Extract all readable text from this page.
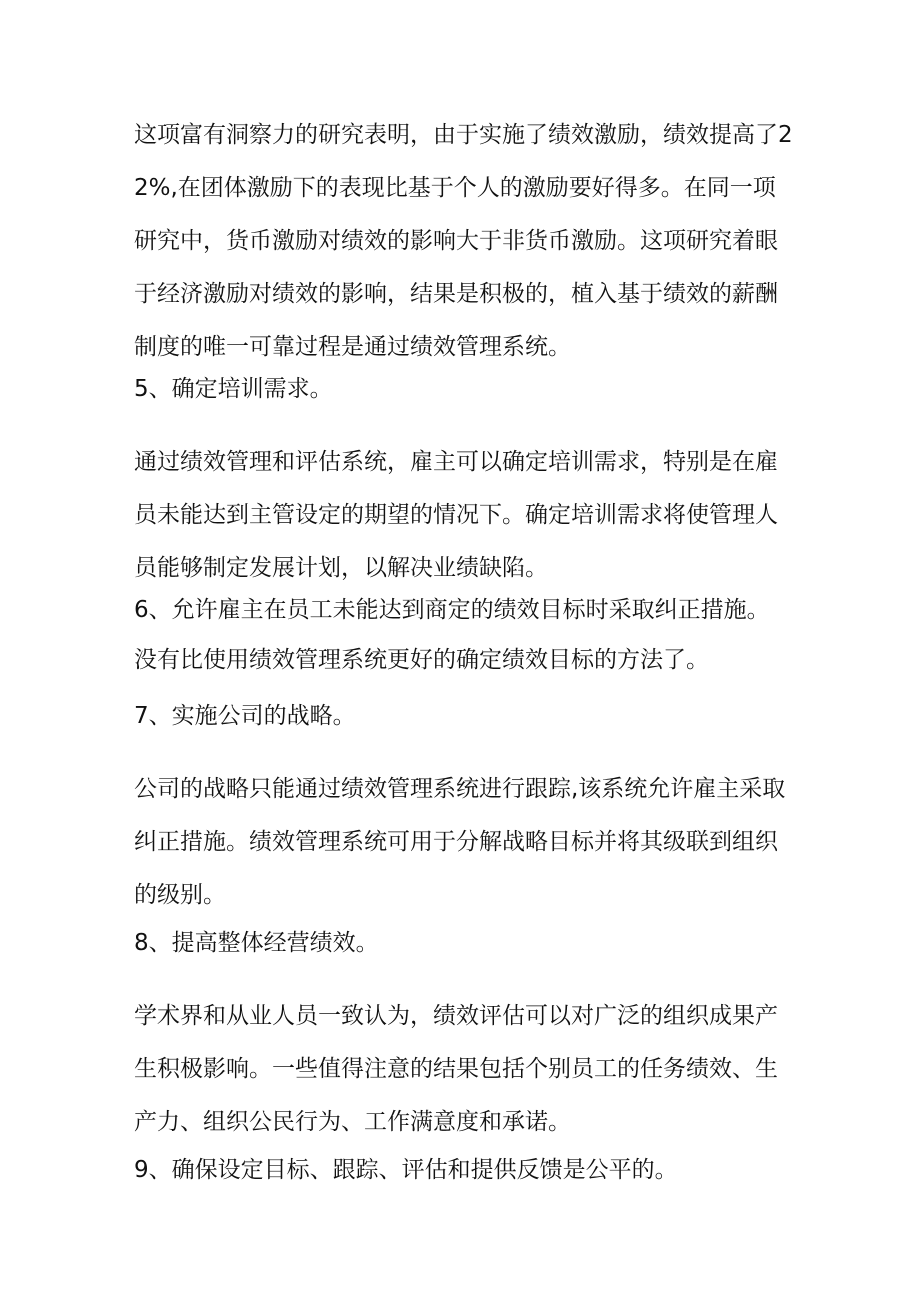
这项富有洞察力的研究表明，由于实施了绩效激励，绩效提高了22%,在团体激励下的表现比基于个人的激励要好得多。在同一项研究中，货币激励对绩效的影响大于非货币激励。这项研究着眼于经济激励对绩效的影响，结果是积极的，植入基于绩效的薪酬制度的唯一可靠过程是通过绩效管理系统。
5、确定培训需求。
通过绩效管理和评估系统，雇主可以确定培训需求，特别是在雇员未能达到主管设定的期望的情况下。确定培训需求将使管理人员能够制定发展计划，以解决业绩缺陷。
6、允许雇主在员工未能达到商定的绩效目标时采取纠正措施。
没有比使用绩效管理系统更好的确定绩效目标的方法了。
7、实施公司的战略。
公司的战略只能通过绩效管理系统进行跟踪,该系统允许雇主采取纠正措施。绩效管理系统可用于分解战略目标并将其级联到组织的级别。
8、提高整体经营绩效。
学术界和从业人员一致认为，绩效评估可以对广泛的组织成果产生积极影响。一些值得注意的结果包括个别员工的任务绩效、生产力、组织公民行为、工作满意度和承诺。
9、确保设定目标、跟踪、评估和提供反馈是公平的。
